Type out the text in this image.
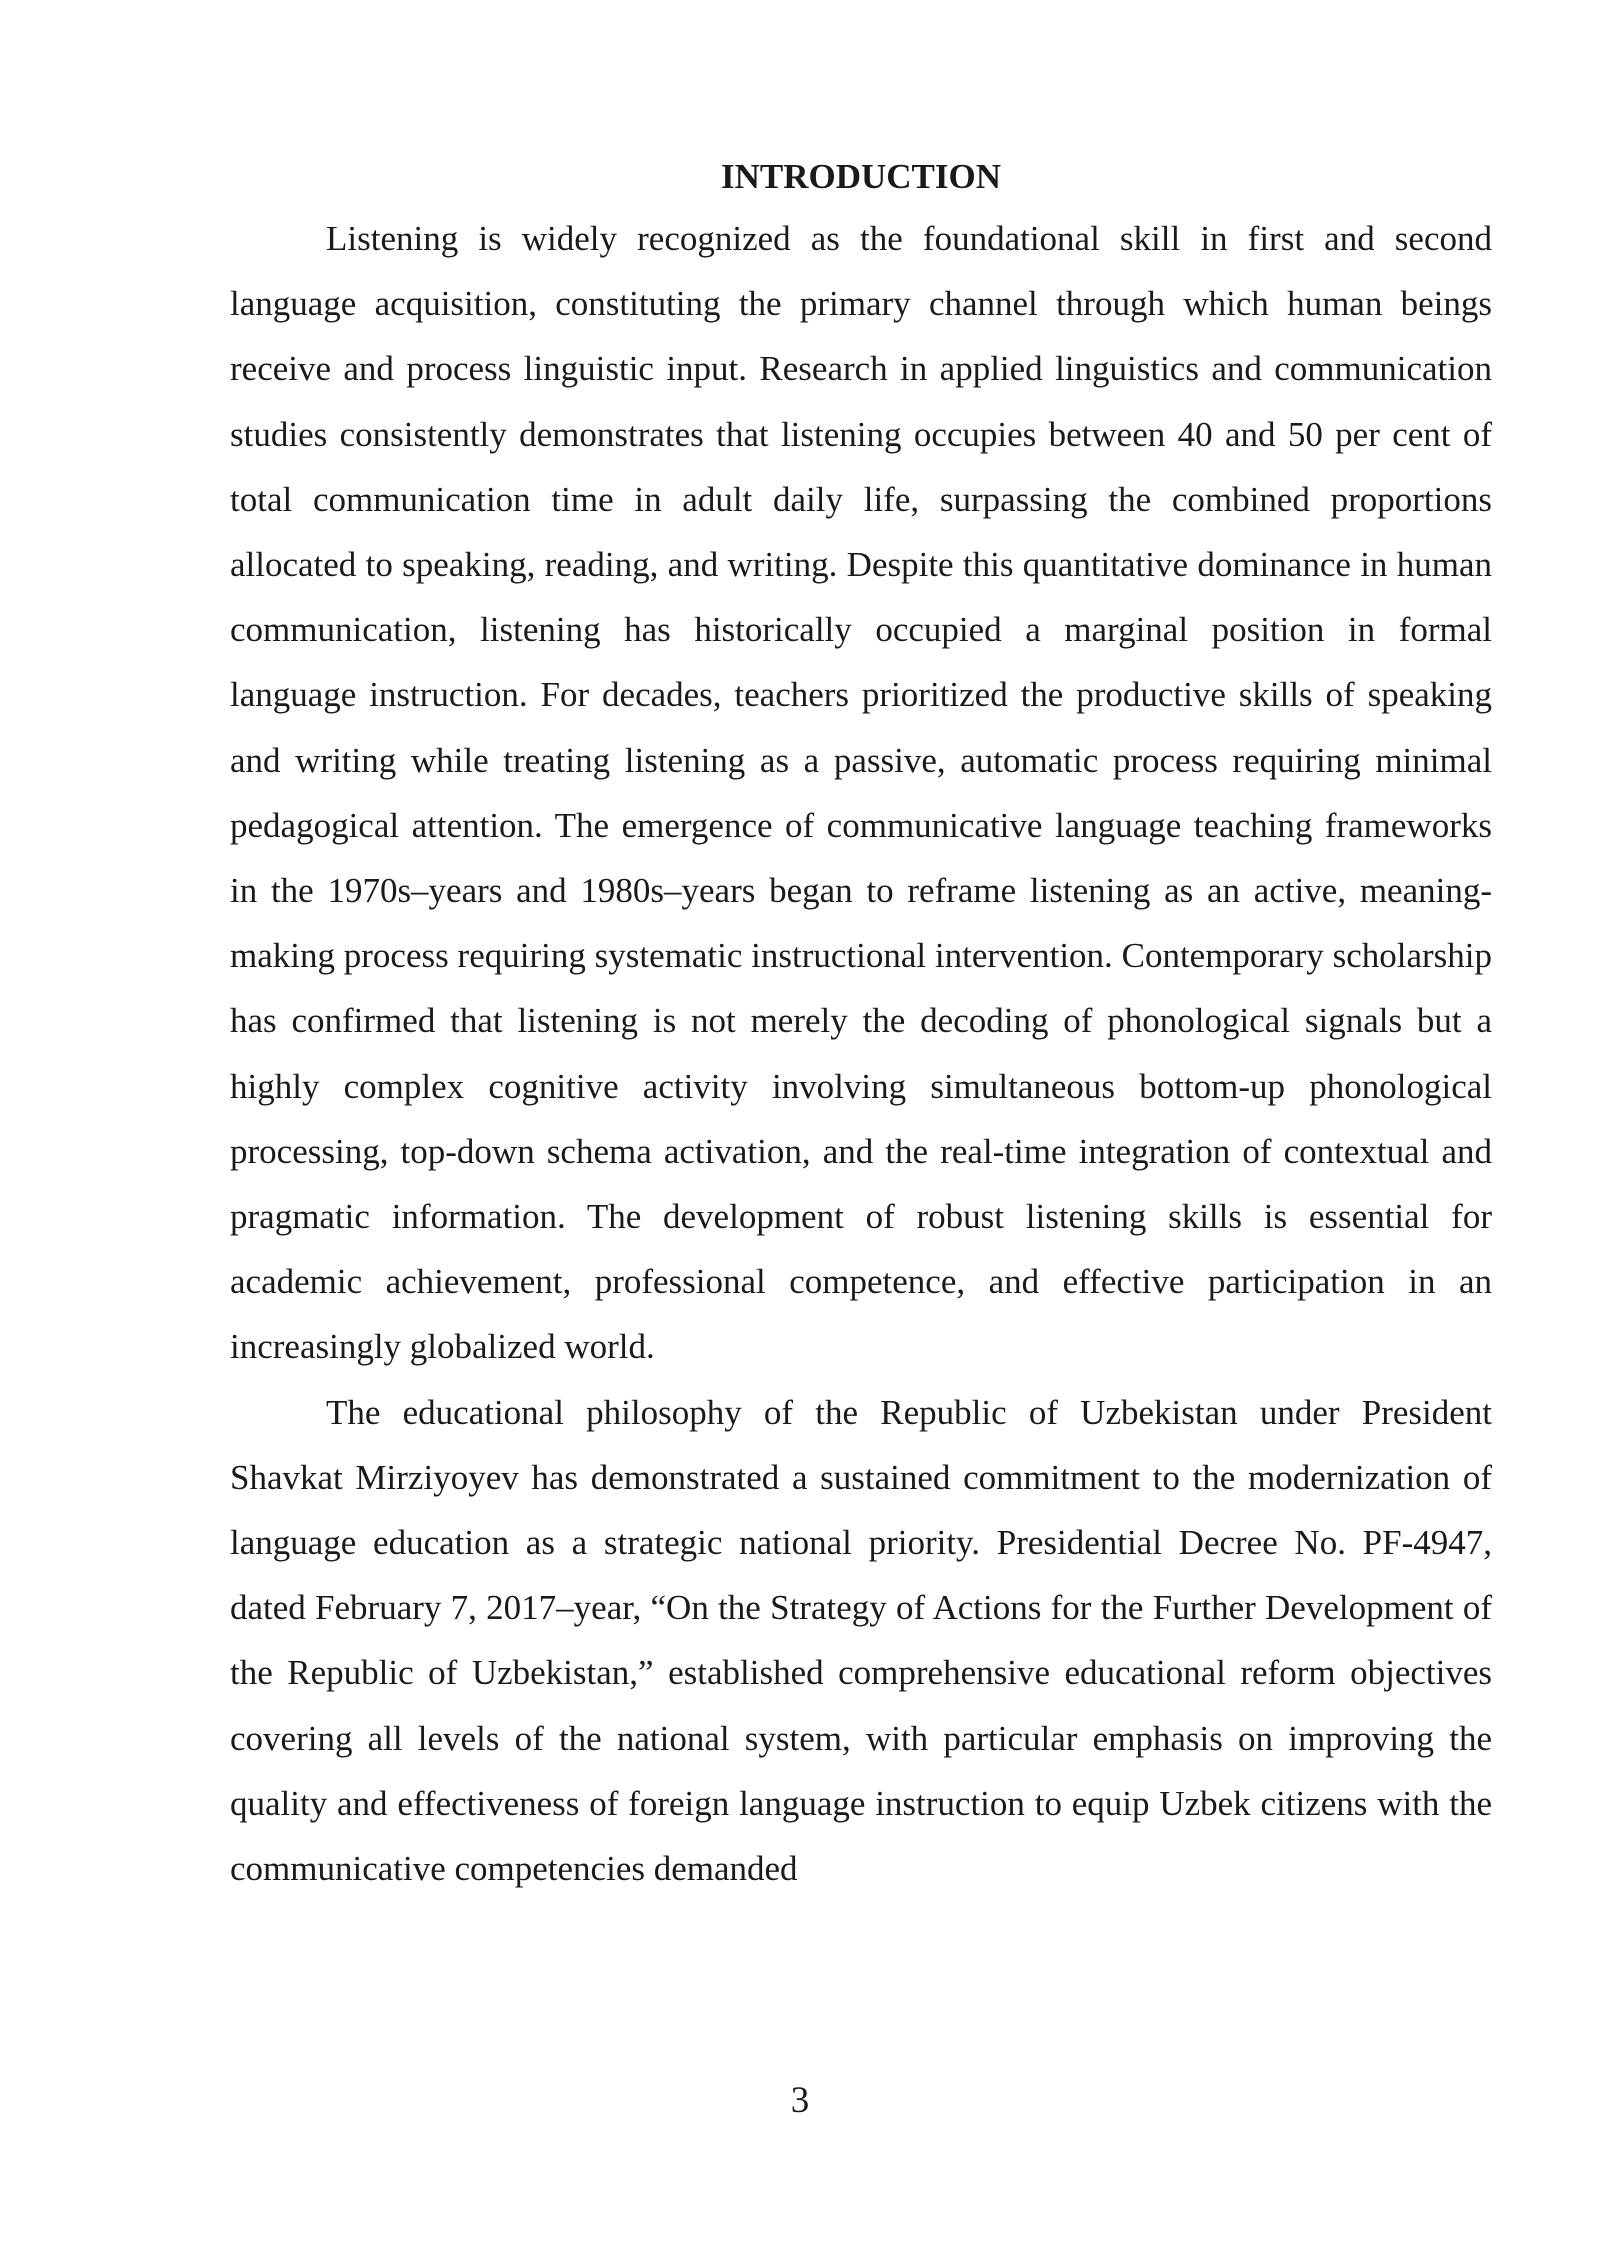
INTRODUCTION

Listening is widely recognized as the foundational skill in first and second language acquisition, constituting the primary channel through which human beings receive and process linguistic input. Research in applied linguistics and communication studies consistently demonstrates that listening occupies between 40 and 50 per cent of total communication time in adult daily life, surpassing the combined proportions allocated to speaking, reading, and writing. Despite this quantitative dominance in human communication, listening has historically occupied a marginal position in formal language instruction. For decades, teachers prioritized the productive skills of speaking and writing while treating listening as a passive, automatic process requiring minimal pedagogical attention. The emergence of communicative language teaching frameworks in the 1970s–years and 1980s–years began to reframe listening as an active, meaning-making process requiring systematic instructional intervention. Contemporary scholarship has confirmed that listening is not merely the decoding of phonological signals but a highly complex cognitive activity involving simultaneous bottom-up phonological processing, top-down schema activation, and the real-time integration of contextual and pragmatic information. The development of robust listening skills is essential for academic achievement, professional competence, and effective participation in an increasingly globalized world.

The educational philosophy of the Republic of Uzbekistan under President Shavkat Mirziyoyev has demonstrated a sustained commitment to the modernization of language education as a strategic national priority. Presidential Decree No. PF-4947, dated February 7, 2017–year, “On the Strategy of Actions for the Further Development of the Republic of Uzbekistan,” established comprehensive educational reform objectives covering all levels of the national system, with particular emphasis on improving the quality and effectiveness of foreign language instruction to equip Uzbek citizens with the communicative competencies demanded

3
